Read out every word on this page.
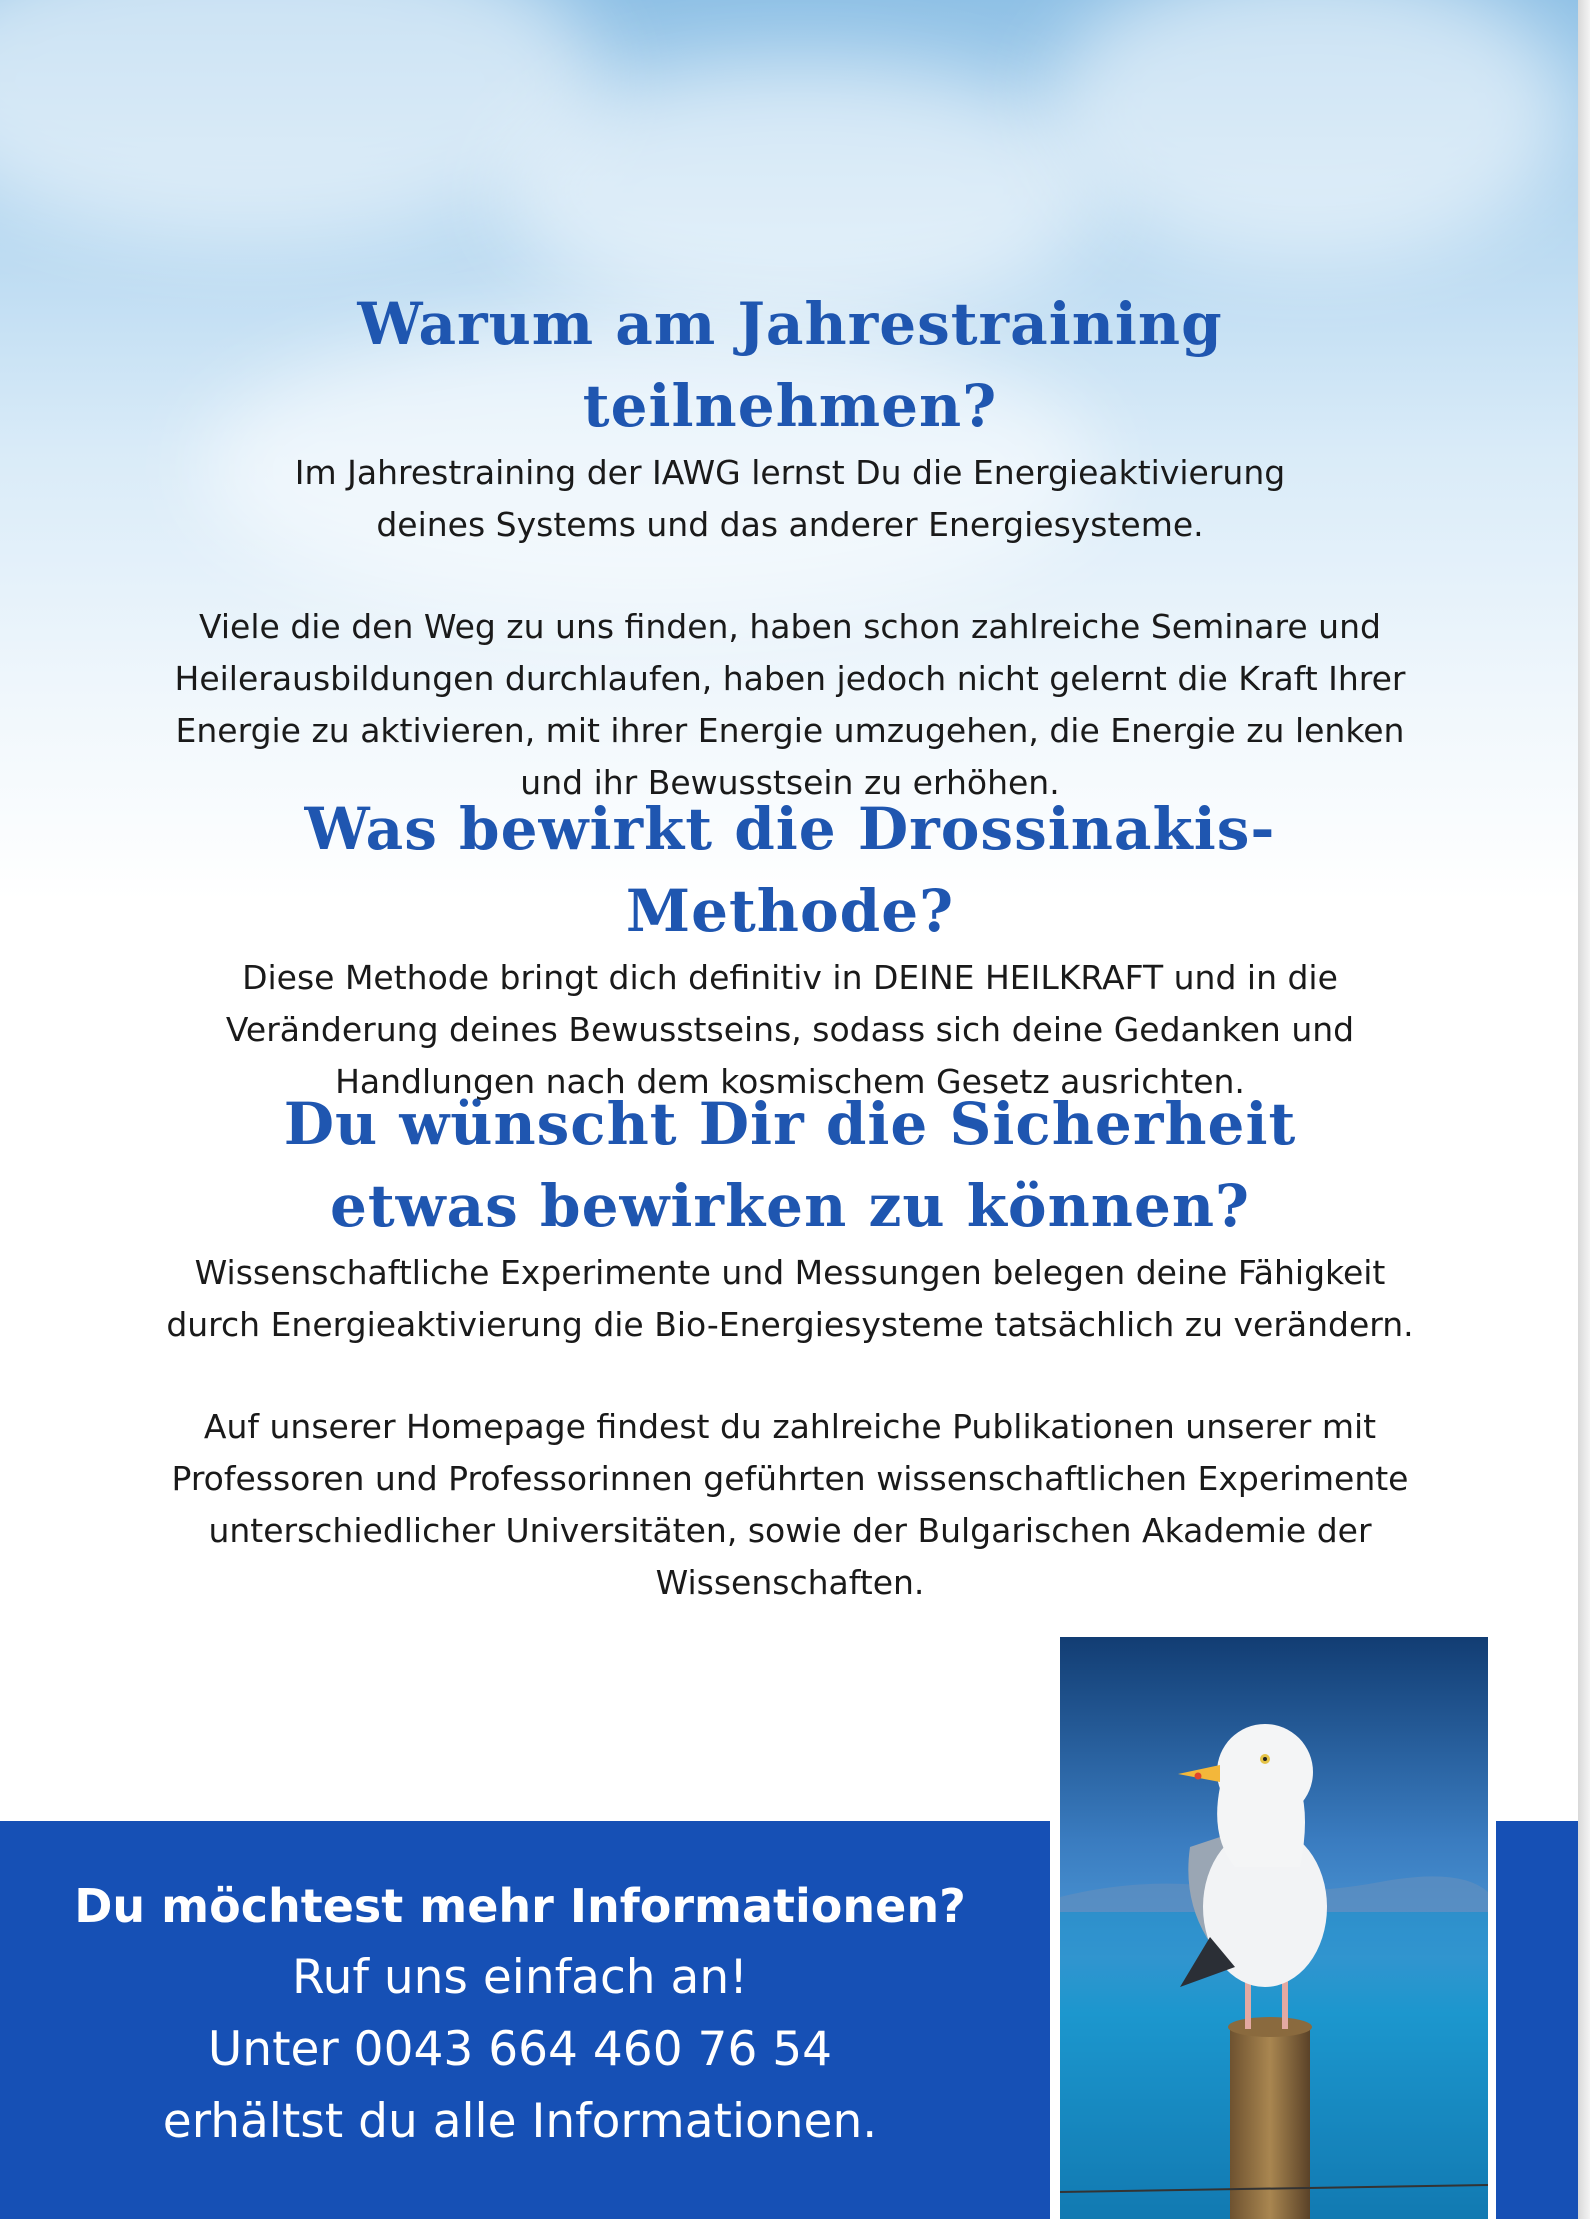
Warum am Jahrestraining teilnehmen?

Im Jahrestraining der IAWG lernst Du die Energieaktivierung deines Systems und das anderer Energiesysteme.

Viele die den Weg zu uns finden, haben schon zahlreiche Seminare und Heilerausbildungen durchlaufen, haben jedoch nicht gelernt die Kraft Ihrer Energie zu aktivieren, mit ihrer Energie umzugehen, die Energie zu lenken und ihr Bewusstsein zu erhöhen.

Was bewirkt die Drossinakis-Methode?

Diese Methode bringt dich definitiv in DEINE HEILKRAFT und in die Veränderung deines Bewusstseins, sodass sich deine Gedanken und Handlungen nach dem kosmischem Gesetz ausrichten.

Du wünscht Dir die Sicherheit etwas bewirken zu können?

Wissenschaftliche Experimente und Messungen belegen deine Fähigkeit durch Energieaktivierung die Bio-Energiesysteme tatsächlich zu verändern.

Auf unserer Homepage findest du zahlreiche Publikationen unserer mit Professoren und Professorinnen geführten wissenschaftlichen Experimente unterschiedlicher Universitäten, sowie der Bulgarischen Akademie der Wissenschaften.

Du möchtest mehr Informationen?

Ruf uns einfach an!

Unter 0043 664 460 76 54

erhältst du alle Informationen.
